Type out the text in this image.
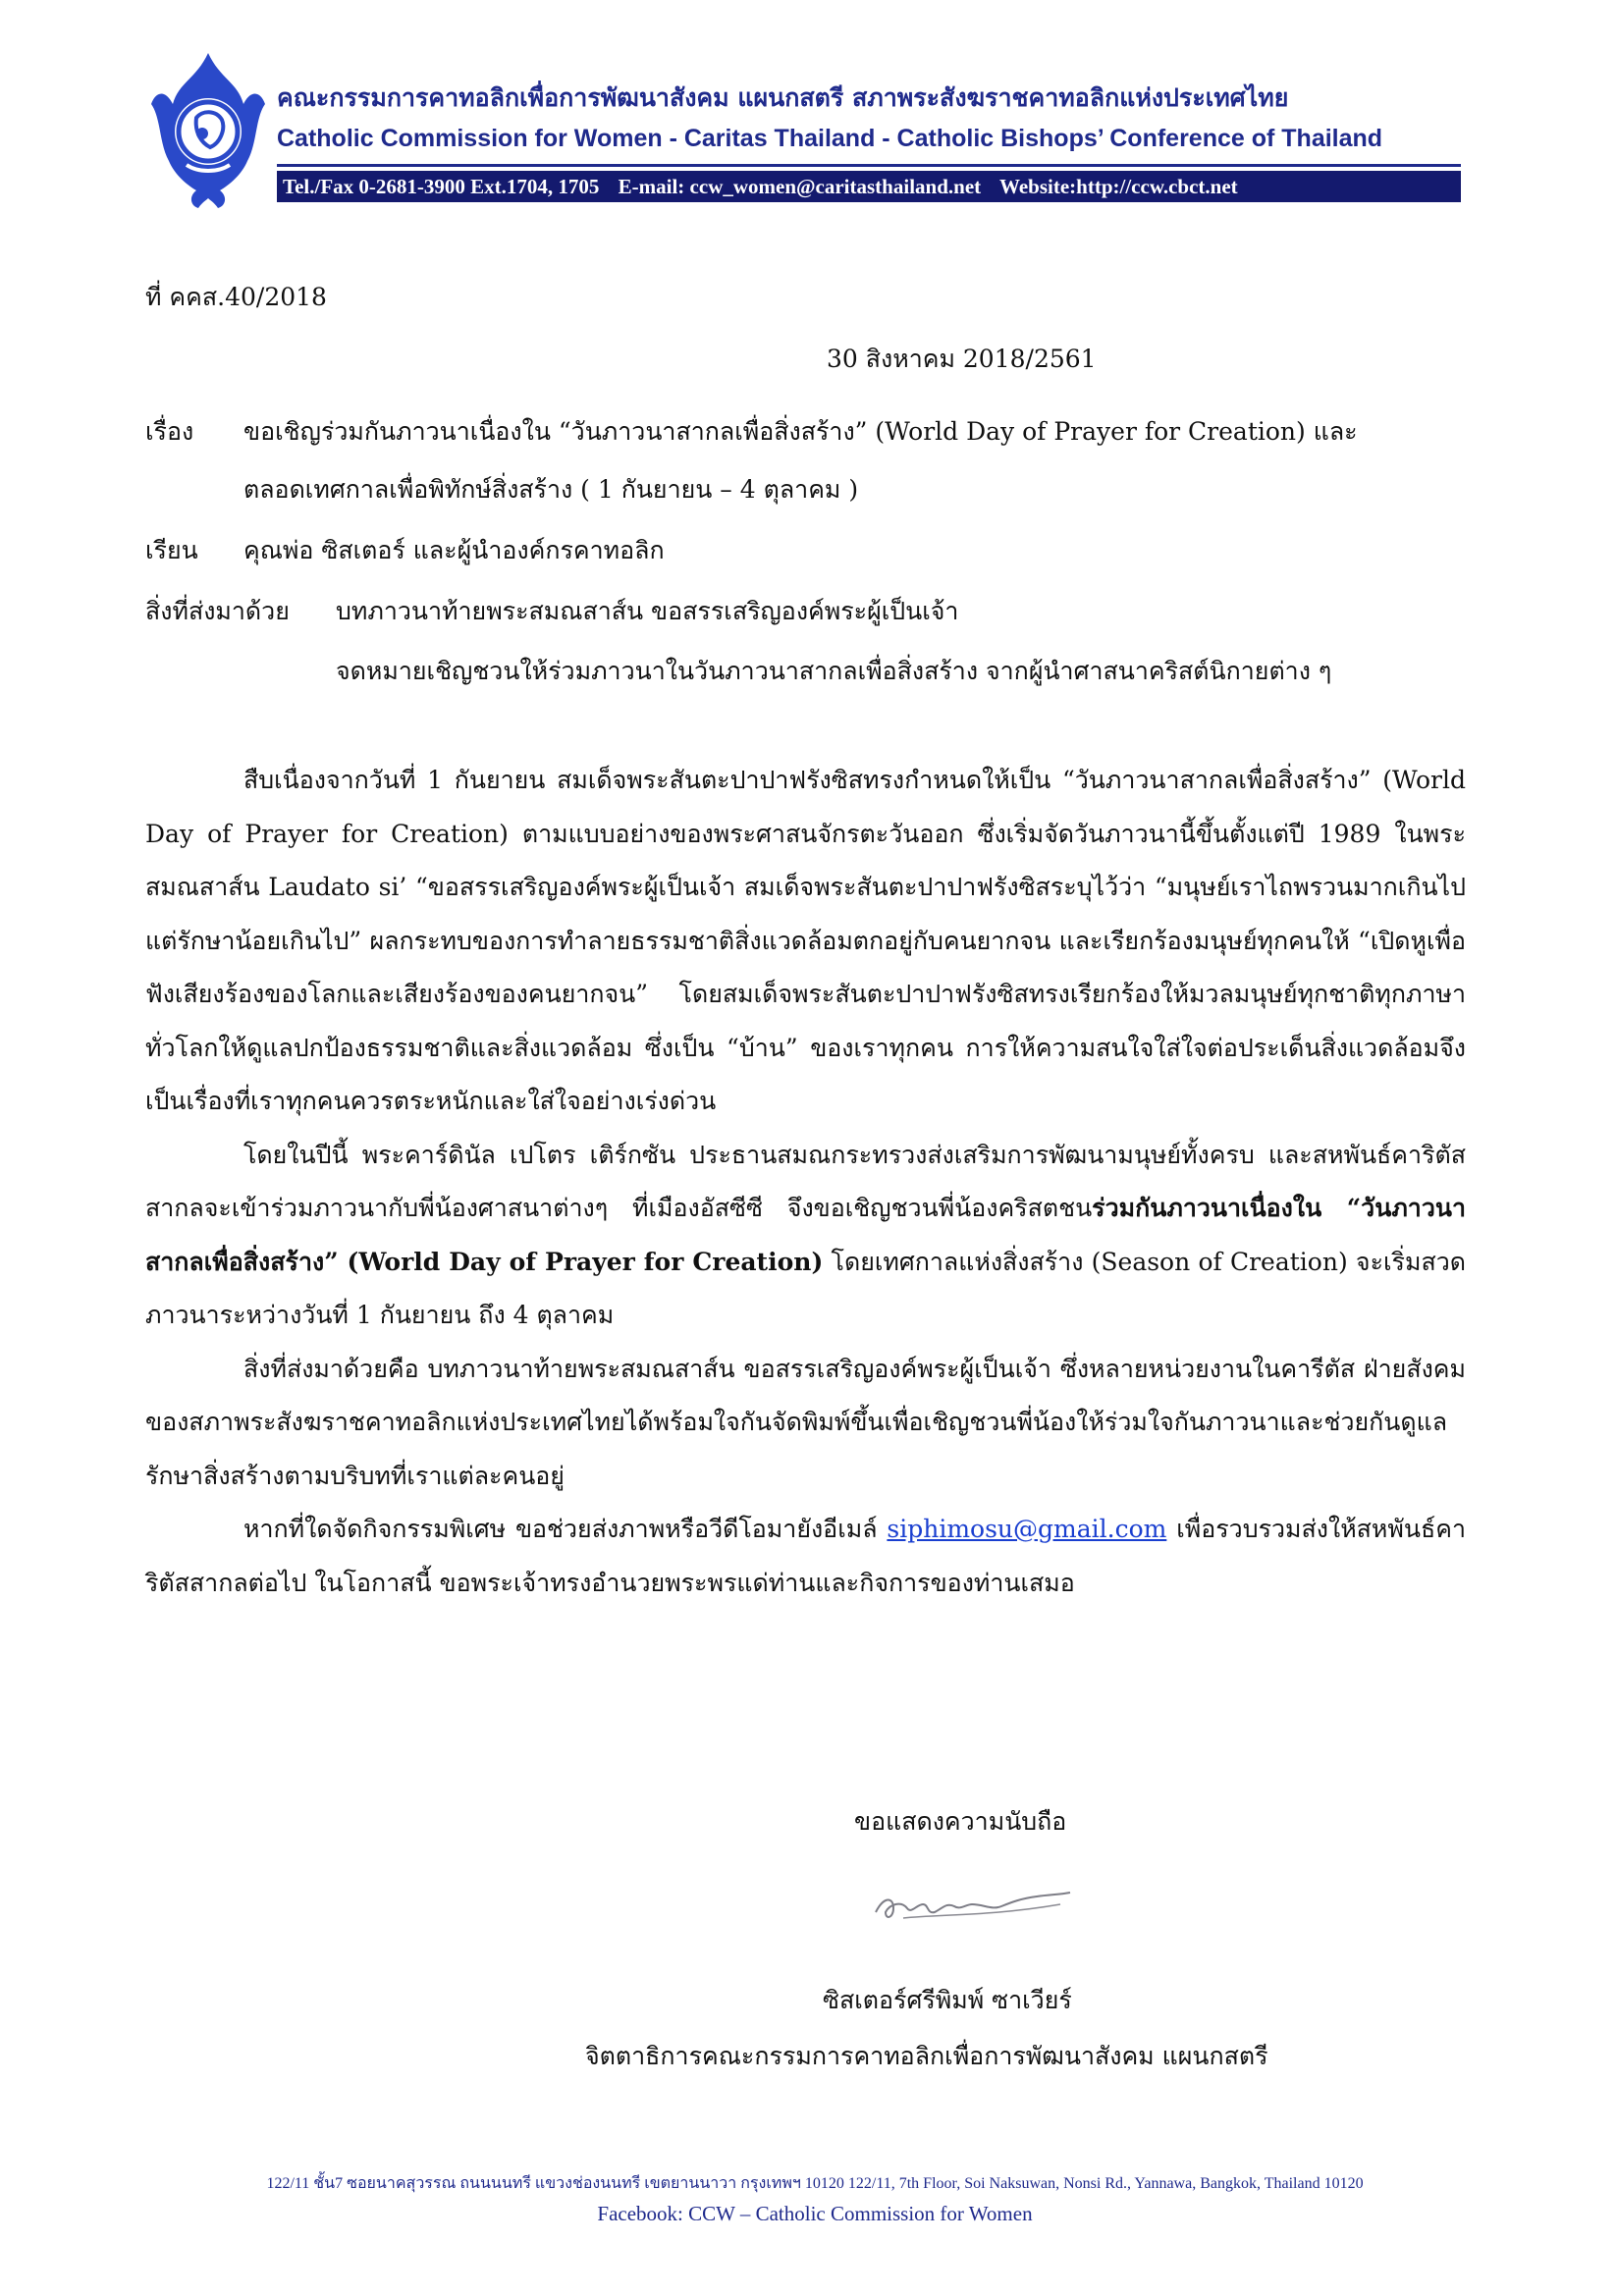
คณะกรรมการคาทอลิกเพื่อการพัฒนาสังคม แผนกสตรี สภาพระสังฆราชคาทอลิกแห่งประเทศไทย
Catholic Commission for Women - Caritas Thailand - Catholic Bishops’ Conference of Thailand
Tel./Fax 0-2681-3900 Ext.1704, 1705 E-mail: ccw_women@caritasthailand.net Website:http://ccw.cbct.net
ที่ คคส.40/2018
30 สิงหาคม 2018/2561
เรื่อง ขอเชิญร่วมกันภาวนาเนื่องใน “วันภาวนาสากลเพื่อสิ่งสร้าง” (World Day of Prayer for Creation) และ
ตลอดเทศกาลเพื่อพิทักษ์สิ่งสร้าง ( 1 กันยายน – 4 ตุลาคม )
เรียน คุณพ่อ ซิสเตอร์ และผู้นำองค์กรคาทอลิก
สิ่งที่ส่งมาด้วย บทภาวนาท้ายพระสมณสาส์น ขอสรรเสริญองค์พระผู้เป็นเจ้า
จดหมายเชิญชวนให้ร่วมภาวนาในวันภาวนาสากลเพื่อสิ่งสร้าง จากผู้นำศาสนาคริสต์นิกายต่าง ๆ

สืบเนื่องจากวันที่ 1 กันยายน สมเด็จพระสันตะปาปาฟรังซิสทรงกำหนดให้เป็น “วันภาวนาสากลเพื่อสิ่งสร้าง” (World Day of Prayer for Creation) ตามแบบอย่างของพระศาสนจักรตะวันออก ซึ่งเริ่มจัดวันภาวนานี้ขึ้นตั้งแต่ปี 1989 ในพระสมณสาส์น Laudato si’ “ขอสรรเสริญองค์พระผู้เป็นเจ้า สมเด็จพระสันตะปาปาฟรังซิสระบุไว้ว่า “มนุษย์เราไถพรวนมากเกินไป แต่รักษาน้อยเกินไป” ผลกระทบของการทำลายธรรมชาติสิ่งแวดล้อมตกอยู่กับคนยากจน และเรียกร้องมนุษย์ทุกคนให้ “เปิดหูเพื่อฟังเสียงร้องของโลกและเสียงร้องของคนยากจน” โดยสมเด็จพระสันตะปาปาฟรังซิสทรงเรียกร้องให้มวลมนุษย์ทุกชาติทุกภาษาทั่วโลกให้ดูแลปกป้องธรรมชาติและสิ่งแวดล้อม ซึ่งเป็น “บ้าน” ของเราทุกคน การให้ความสนใจใส่ใจต่อประเด็นสิ่งแวดล้อมจึงเป็นเรื่องที่เราทุกคนควรตระหนักและใส่ใจอย่างเร่งด่วน

โดยในปีนี้ พระคาร์ดินัล เปโตร เติร์กซัน ประธานสมณกระทรวงส่งเสริมการพัฒนามนุษย์ทั้งครบ และสหพันธ์คาริตัสสากลจะเข้าร่วมภาวนากับพี่น้องศาสนาต่างๆ ที่เมืองอัสซีซี จึงขอเชิญชวนพี่น้องคริสตชนร่วมกันภาวนาเนื่องใน “วันภาวนาสากลเพื่อสิ่งสร้าง” (World Day of Prayer for Creation) โดยเทศกาลแห่งสิ่งสร้าง (Season of Creation) จะเริ่มสวดภาวนาระหว่างวันที่ 1 กันยายน ถึง 4 ตุลาคม

สิ่งที่ส่งมาด้วยคือ บทภาวนาท้ายพระสมณสาส์น ขอสรรเสริญองค์พระผู้เป็นเจ้า ซึ่งหลายหน่วยงานในคารีตัส ฝ่ายสังคมของสภาพระสังฆราชคาทอลิกแห่งประเทศไทยได้พร้อมใจกันจัดพิมพ์ขึ้นเพื่อเชิญชวนพี่น้องให้ร่วมใจกันภาวนาและช่วยกันดูแลรักษาสิ่งสร้างตามบริบทที่เราแต่ละคนอยู่

หากที่ใดจัดกิจกรรมพิเศษ ขอช่วยส่งภาพหรือวีดีโอมายังอีเมล์ siphimosu@gmail.com เพื่อรวบรวมส่งให้สหพันธ์คาริตัสสากลต่อไป ในโอกาสนี้ ขอพระเจ้าทรงอำนวยพระพรแด่ท่านและกิจการของท่านเสมอ

ขอแสดงความนับถือ
ซิสเตอร์ศรีพิมพ์ ซาเวียร์
จิตตาธิการคณะกรรมการคาทอลิกเพื่อการพัฒนาสังคม แผนกสตรี
122/11 ชั้น7 ซอยนาคสุวรรณ ถนนนนทรี แขวงช่องนนทรี เขตยานนาวา กรุงเทพฯ 10120 122/11, 7th Floor, Soi Naksuwan, Nonsi Rd., Yannawa, Bangkok, Thailand 10120
Facebook: CCW – Catholic Commission for Women
